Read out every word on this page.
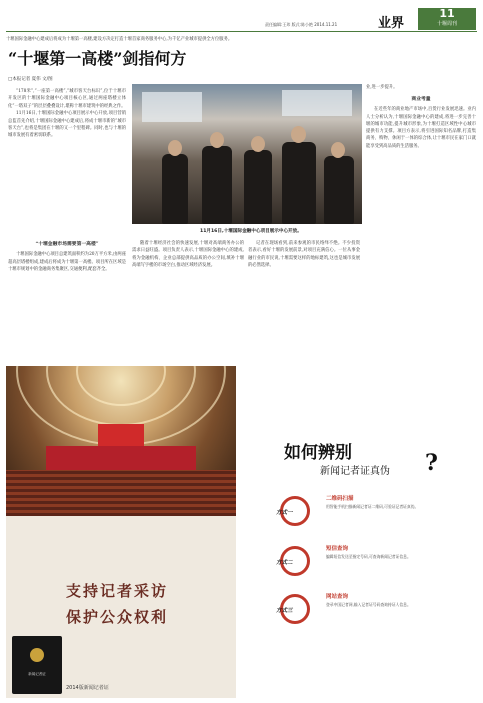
业界
责任编辑:王玮 版式:陈小艳 2014.11.21
11
十堰周刊
十堰国际金融中心建成后将成为十堰第一高楼,建设方决定打造十堰首家商务服务中心,为千亿产业城市提供全方位服务。
“十堰第一高楼”剑指何方
□本报记者 夏伟 文/图

“178米”,“一座第一高楼”,“城市客天台标识”,位于十堰市开发区的十堰国际金融中心项目核心区,通过两座塔楼立体化“一塔双子”的层层叠叠设计,堪称十堰市建筑中的经典之作。

11月16日,十堰国际金融中心项目展示中心开放,项目营销总监首先介绍,十堰国际金融中心建成后,将成十堰市新的“城市客天台”,也将是集团在十堰的又一个里程碑。同时,也与十堰的城市发展有着密切联系。

“十堰金融市场需要第一高楼”

十堰国际金融中心项目总建筑面积约为20万平方米,由两座超高层塔楼组成,建成后将成为十堰第一高楼。项目所在区域是十堰市规划中的金融商务集聚区,交通便利,配套齐全。

11月16日,十堰国际金融中心项目展示中心开放。

随着十堰经济社会的快速发展,十堰对高端商务办公的需求日益旺盛。项目负责人表示,十堰国际金融中心的建成,将为金融机构、企业总部提供高品质的办公空间,填补十堰高端写字楼的市场空白,推动区域经济发展。

记者在现场看到,前来参观的市民络绎不绝。不少投资者表示,看好十堰的发展前景,对项目充满信心。一位从事金融行业的市民说,十堰需要这样的地标建筑,这也是城市发展的必然选择。

业,进一步提升。

商业考量

在近些年的商业地产市场中,百货行业发展迅速。业内人士分析认为,十堰国际金融中心的建成,将进一步完善十堰的城市功能,提升城市形象,为十堰打造区域性中心城市提供有力支撑。项目方表示,将引进国际知名品牌,打造集商务、购物、休闲于一体的综合体,让十堰市民在家门口就能享受到高品质的生活服务。

支持记者采访
保护公众权利
新闻记者证
2014版新闻记者证
如何辨别
新闻记者证真伪 ?
方式一
二维码扫描
用智能手机扫描新闻记者证二维码,可验证记者证真伪。
方式二
短信查询
编辑短信发送至指定号码,可查询新闻记者证信息。
方式三
网站查询
登录中国记者网,输入记者证号码查询持证人信息。
